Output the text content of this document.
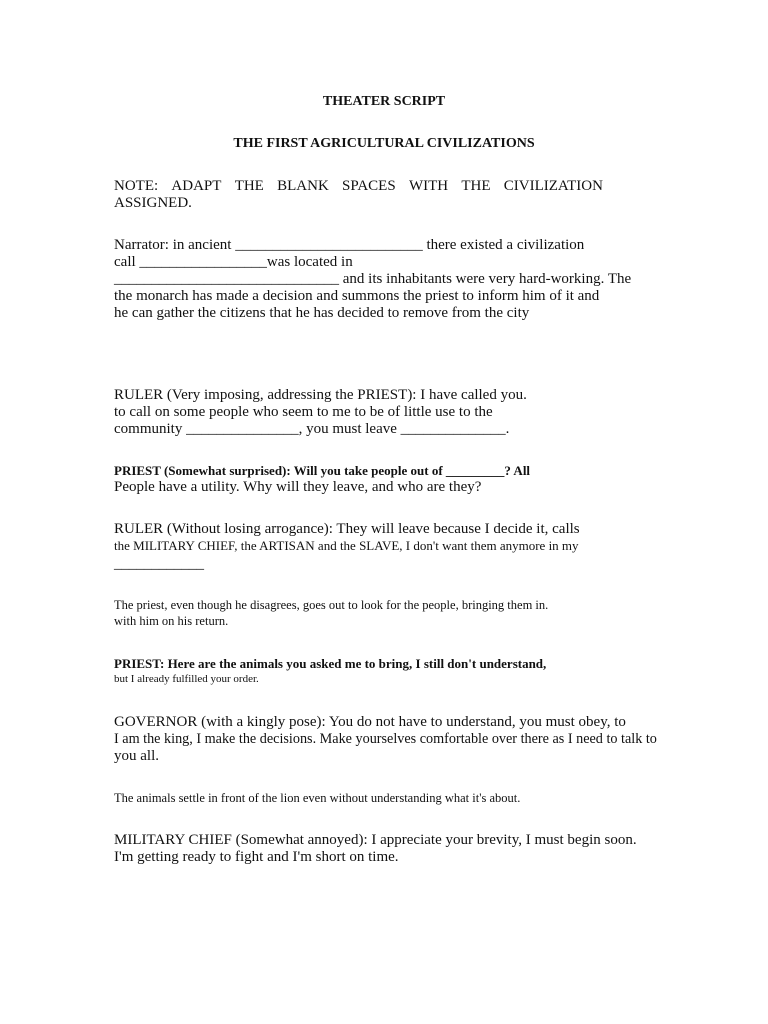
THEATER SCRIPT
THE FIRST AGRICULTURAL CIVILIZATIONS
NOTE: ADAPT THE BLANK SPACES WITH THE CIVILIZATION
ASSIGNED.
Narrator: in ancient _________________________ there existed a civilization
call _________________was located in
______________________________ and its inhabitants were very hard-working. The
the monarch has made a decision and summons the priest to inform him of it and
he can gather the citizens that he has decided to remove from the city
RULER (Very imposing, addressing the PRIEST): I have called you.
to call on some people who seem to me to be of little use to the
community _______________, you must leave ______________.
PRIEST (Somewhat surprised): Will you take people out of _________? All
People have a utility. Why will they leave, and who are they?
RULER (Without losing arrogance): They will leave because I decide it, calls
the MILITARY CHIEF, the ARTISAN and the SLAVE, I don't want them anymore in my
____________
The priest, even though he disagrees, goes out to look for the people, bringing them in.
with him on his return.
PRIEST: Here are the animals you asked me to bring, I still don't understand,
but I already fulfilled your order.
GOVERNOR (with a kingly pose): You do not have to understand, you must obey, to
I am the king, I make the decisions. Make yourselves comfortable over there as I need to talk to
you all.
The animals settle in front of the lion even without understanding what it's about.
MILITARY CHIEF (Somewhat annoyed): I appreciate your brevity, I must begin soon.
I'm getting ready to fight and I'm short on time.
